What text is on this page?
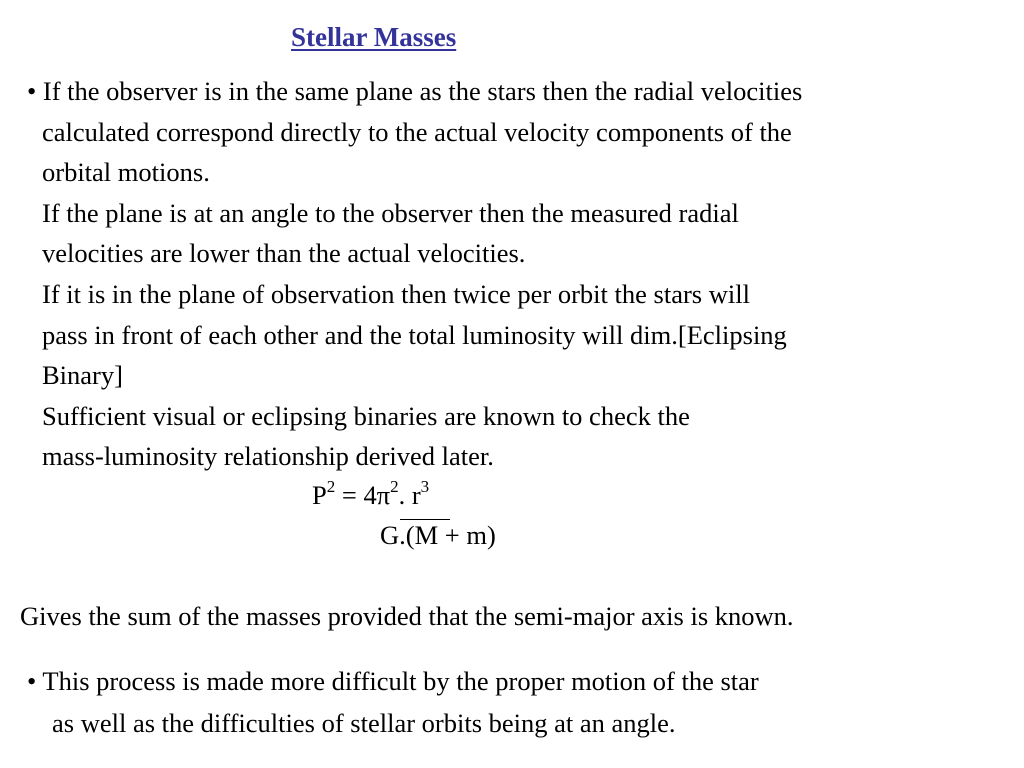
Stellar Masses
• If the observer is in the same plane as the stars then the radial velocities
calculated correspond directly to the actual velocity components of the
orbital motions.
If the plane is at an angle to the observer then the measured radial
velocities are lower than the actual velocities.
If it is in the plane of observation then twice per orbit the stars will
pass in front of each other and the total luminosity will dim.[Eclipsing
Binary]
Sufficient visual or eclipsing binaries are known to check the
mass-luminosity relationship derived later.
$P^2 = 4\pi^2$. $r^3$
G.(M + m)
Gives the sum of the masses provided that the semi-major axis is known.
• This process is made more difficult by the proper motion of the star
as well as the difficulties of stellar orbits being at an angle.
